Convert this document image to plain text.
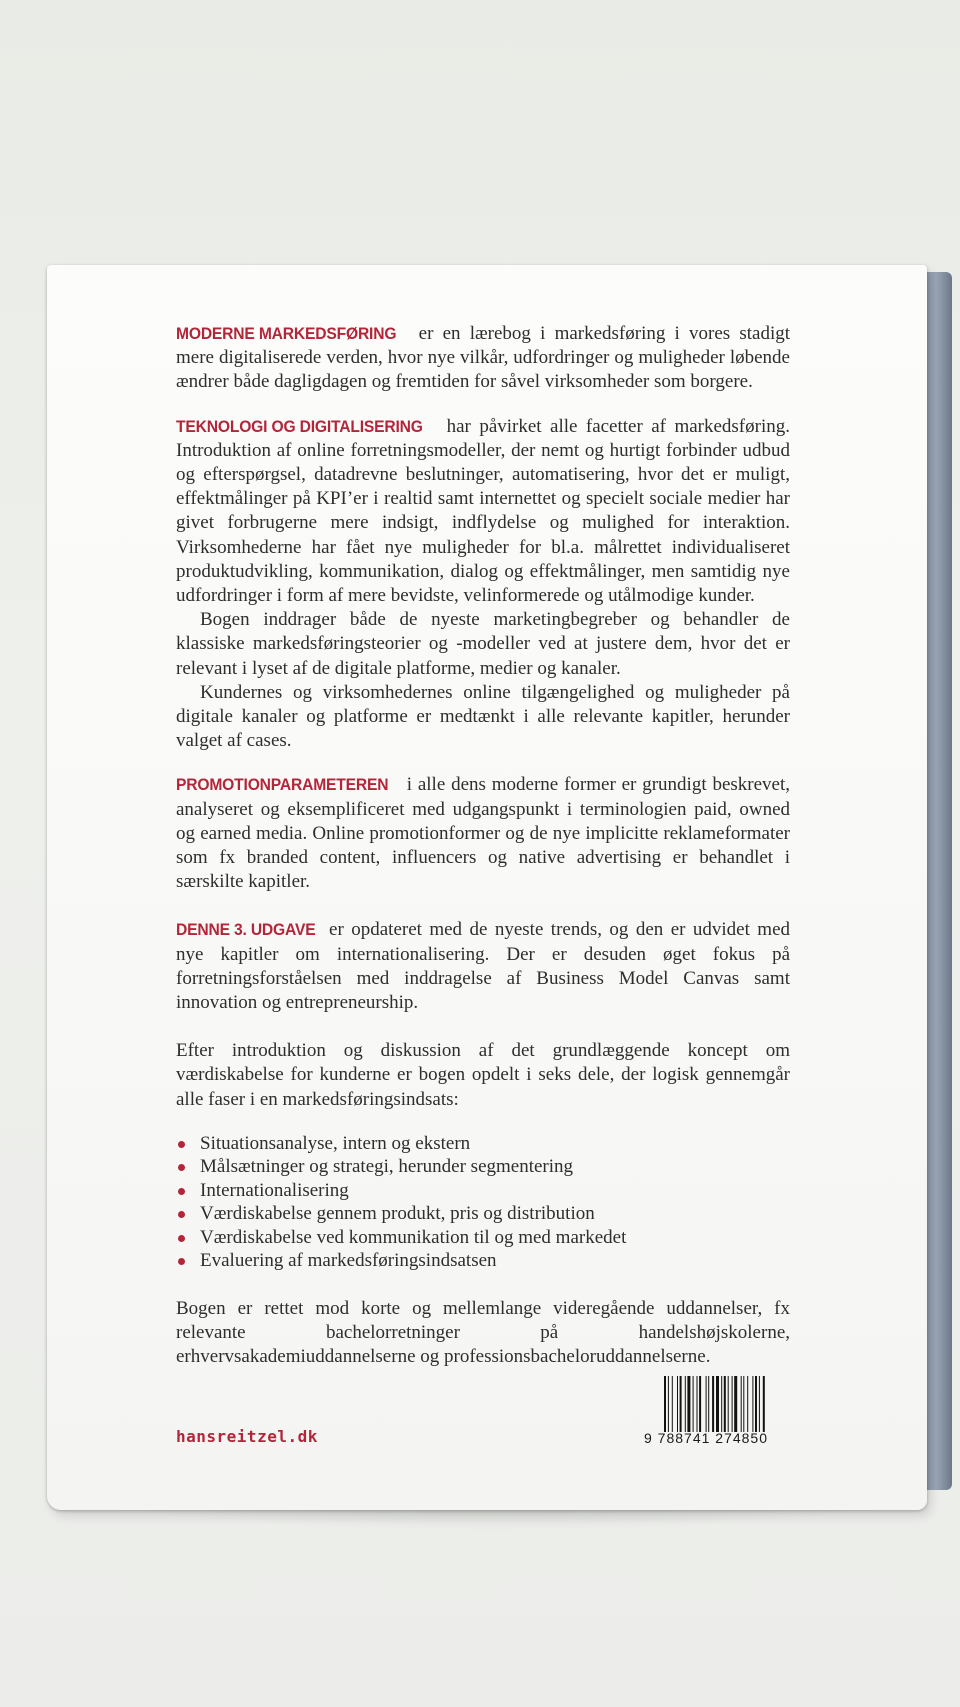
MODERNE MARKEDSFØRING er en lærebog i markedsføring i vores stadigt mere digitaliserede verden, hvor nye vilkår, udfordringer og muligheder løbende ændrer både dagligdagen og fremtiden for såvel virksomheder som borgere.

TEKNOLOGI OG DIGITALISERING har påvirket alle facetter af markedsføring. Introduktion af online forretningsmodeller, der nemt og hurtigt forbinder udbud og efterspørgsel, datadrevne beslutninger, automatisering, hvor det er muligt, effektmålinger på KPI’er i realtid samt internettet og specielt sociale medier har givet forbrugerne mere indsigt, indflydelse og mulighed for interaktion. Virksomhederne har fået nye muligheder for bl.a. målrettet individualiseret produktudvikling, kommunikation, dialog og effektmålinger, men samtidig nye udfordringer i form af mere bevidste, velinformerede og utålmodige kunder.

Bogen inddrager både de nyeste marketingbegreber og behandler de klassiske markedsføringsteorier og -modeller ved at justere dem, hvor det er relevant i lyset af de digitale platforme, medier og kanaler.

Kundernes og virksomhedernes online tilgængelighed og muligheder på digitale kanaler og platforme er medtænkt i alle relevante kapitler, herunder valget af cases.

PROMOTIONPARAMETEREN i alle dens moderne former er grundigt beskrevet, analyseret og eksemplificeret med udgangspunkt i terminologien paid, owned og earned media. Online promotionformer og de nye implicitte reklameformater som fx branded content, influencers og native advertising er behandlet i særskilte kapitler.

DENNE 3. UDGAVE er opdateret med de nyeste trends, og den er udvidet med nye kapitler om internationalisering. Der er desuden øget fokus på forretningsforståelsen med inddragelse af Business Model Canvas samt innovation og entrepreneurship.

Efter introduktion og diskussion af det grundlæggende koncept om værdiskabelse for kunderne er bogen opdelt i seks dele, der logisk gennemgår alle faser i en markedsføringsindsats:

Situationsanalyse, intern og ekstern
Målsætninger og strategi, herunder segmentering
Internationalisering
Værdiskabelse gennem produkt, pris og distribution
Værdiskabelse ved kommunikation til og med markedet
Evaluering af markedsføringsindsatsen

Bogen er rettet mod korte og mellemlange videregående uddannelser, fx relevante bachelorretninger på handelshøjskolerne, erhvervsakademiuddannelserne og professionsbacheloruddannelserne.

hansreitzel.dk	9 788741 274850
